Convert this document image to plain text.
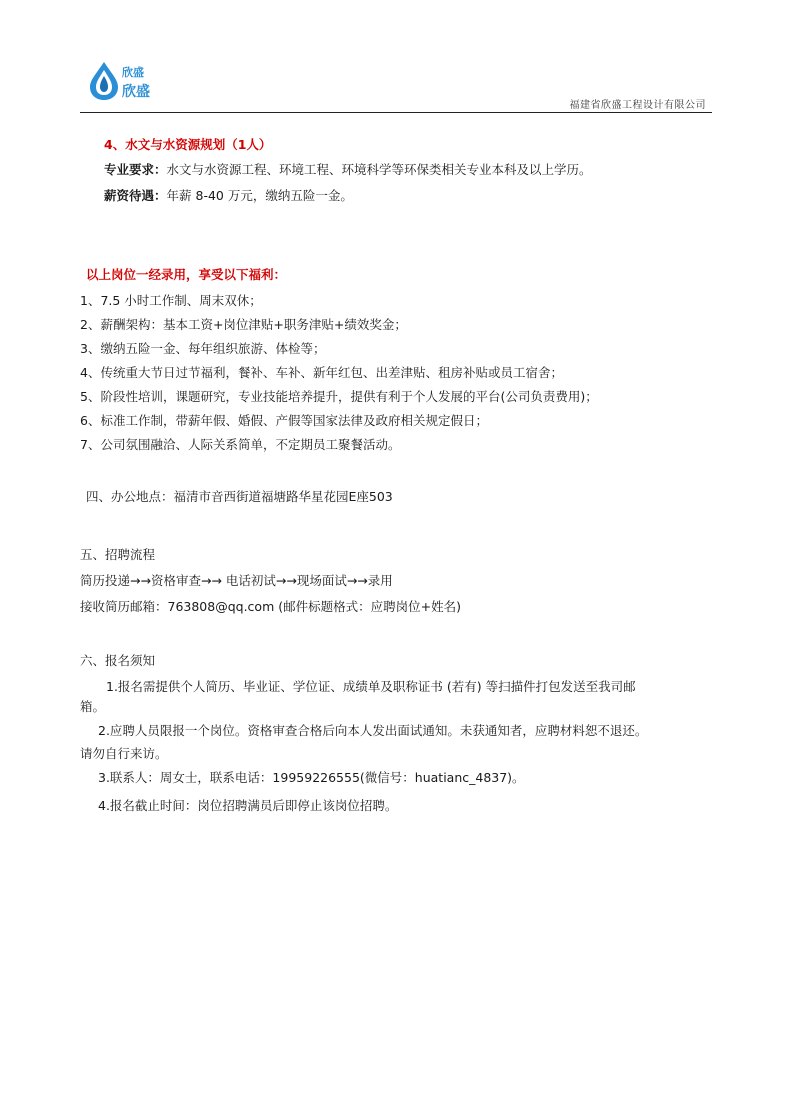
欣盛
欣盛
福建省欣盛工程设计有限公司
4、水文与水资源规划（1人）
专业要求：水文与水资源工程、环境工程、环境科学等环保类相关专业本科及以上学历。
薪资待遇：年薪 8-40 万元，缴纳五险一金。
以上岗位一经录用，享受以下福利：
1、7.5 小时工作制、周末双休；
2、薪酬架构：基本工资+岗位津贴+职务津贴+绩效奖金；
3、缴纳五险一金、每年组织旅游、体检等；
4、传统重大节日过节福利，餐补、车补、新年红包、出差津贴、租房补贴或员工宿舍；
5、阶段性培训，课题研究，专业技能培养提升，提供有利于个人发展的平台(公司负责费用)；
6、标准工作制，带薪年假、婚假、产假等国家法律及政府相关规定假日；
7、公司氛围融洽、人际关系简单，不定期员工聚餐活动。
四、办公地点：福清市音西街道福塘路华星花园E座503
五、招聘流程
简历投递→→资格审查→→ 电话初试→→现场面试→→录用
接收简历邮箱：763808@qq.com (邮件标题格式：应聘岗位+姓名)
六、报名须知
1.报名需提供个人简历、毕业证、学位证、成绩单及职称证书 (若有) 等扫描件打包发送至我司邮
箱。
2.应聘人员限报一个岗位。资格审查合格后向本人发出面试通知。未获通知者，应聘材料恕不退还。
请勿自行来访。
3.联系人：周女士，联系电话：19959226555(微信号：huatianc_4837)。
4.报名截止时间：岗位招聘满员后即停止该岗位招聘。
